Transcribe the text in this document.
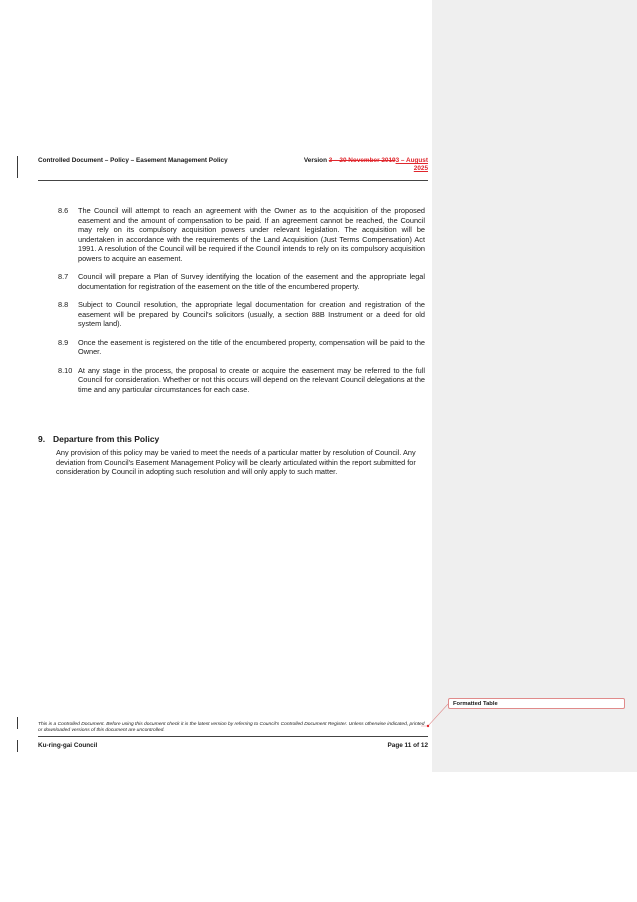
Controlled Document – Policy – Easement Management Policy	Version 3 – 20 November 20193 – August
2025
8.6	The Council will attempt to reach an agreement with the Owner as to the acquisition of the proposed easement and the amount of compensation to be paid. If an agreement cannot be reached, the Council may rely on its compulsory acquisition powers under relevant legislation. The acquisition will be undertaken in accordance with the requirements of the Land Acquisition (Just Terms Compensation) Act 1991. A resolution of the Council will be required if the Council intends to rely on its compulsory acquisition powers to acquire an easement.
8.7	Council will prepare a Plan of Survey identifying the location of the easement and the appropriate legal documentation for registration of the easement on the title of the encumbered property.
8.8	Subject to Council resolution, the appropriate legal documentation for creation and registration of the easement will be prepared by Council's solicitors (usually, a section 88B Instrument or a deed for old system land).
8.9	Once the easement is registered on the title of the encumbered property, compensation will be paid to the Owner.
8.10 At any stage in the process, the proposal to create or acquire the easement may be referred to the full Council for consideration. Whether or not this occurs will depend on the relevant Council delegations at the time and any particular circumstances for each case.
9. Departure from this Policy
Any provision of this policy may be varied to meet the needs of a particular matter by resolution of Council. Any deviation from Council's Easement Management Policy will be clearly articulated within the report submitted for consideration by Council in adopting such resolution and will only apply to such matter.
Formatted Table
This is a Controlled Document. Before using this document check it is the latest version by referring to Council's Controlled Document Register. Unless otherwise indicated, printed or downloaded versions of this document are uncontrolled.
Ku-ring-gai Council	Page 11 of 12
